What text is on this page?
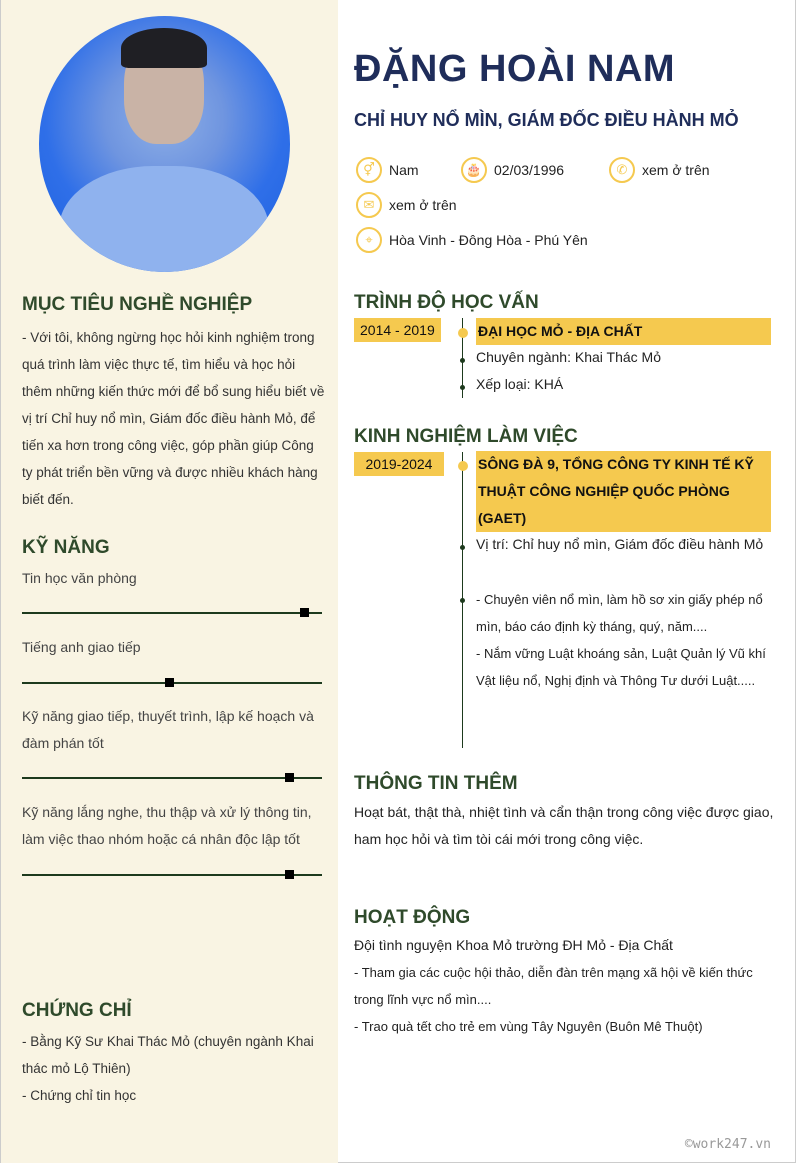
MỤC TIÊU NGHỀ NGHIỆP
- Với tôi, không ngừng học hỏi kinh nghiệm trong quá trình làm việc thực tế, tìm hiểu và học hỏi thêm những kiến thức mới để bổ sung hiểu biết về vị trí Chỉ huy nổ mìn, Giám đốc điều hành Mỏ, để tiến xa hơn trong công việc, góp phần giúp Công ty phát triển bền vững và được nhiều khách hàng biết đến.
KỸ NĂNG
Tin học văn phòng
Tiếng anh giao tiếp
Kỹ năng giao tiếp, thuyết trình, lập kế hoạch và đàm phán tốt
Kỹ năng lắng nghe, thu thập và xử lý thông tin, làm việc thao nhóm hoặc cá nhân độc lập tốt
CHỨNG CHỈ
- Bằng Kỹ Sư Khai Thác Mỏ (chuyên ngành Khai thác mỏ Lộ Thiên)
- Chứng chỉ tin học
ĐẶNG HOÀI NAM
CHỈ HUY NỔ MÌN, GIÁM ĐỐC ĐIỀU HÀNH MỎ
⚥	Nam	🎂 02/03/1996	✆	xem ở trên
✉	xem ở trên
⌖	Hòa Vinh - Đông Hòa - Phú Yên
TRÌNH ĐỘ HỌC VẤN
2014 - 2019	ĐẠI HỌC MỎ - ĐỊA CHẤT
Chuyên ngành: Khai Thác Mỏ
Xếp loại: KHÁ
KINH NGHIỆM LÀM VIỆC
2019-2024	SÔNG ĐÀ 9, TỔNG CÔNG TY KINH TẾ KỸ THUẬT CÔNG NGHIỆP QUỐC PHÒNG (GAET)
Vị trí: Chỉ huy nổ mìn, Giám đốc điều hành Mỏ
- Chuyên viên nổ mìn, làm hồ sơ xin giấy phép nổ mìn, báo cáo định kỳ tháng, quý, năm....
- Nắm vững Luật khoáng sản, Luật Quản lý Vũ khí Vật liệu nổ, Nghị định và Thông Tư dưới Luật.....
THÔNG TIN THÊM
Hoạt bát, thật thà, nhiệt tình và cẩn thận trong công việc được giao, ham học hỏi và tìm tòi cái mới trong công việc.
HOẠT ĐỘNG
Đội tình nguyện Khoa Mỏ trường ĐH Mỏ - Địa Chất
- Tham gia các cuộc hội thảo, diễn đàn trên mạng xã hội về kiến thức trong lĩnh vực nổ mìn....
- Trao quà tết cho trẻ em vùng Tây Nguyên (Buôn Mê Thuột)
©work247.vn
